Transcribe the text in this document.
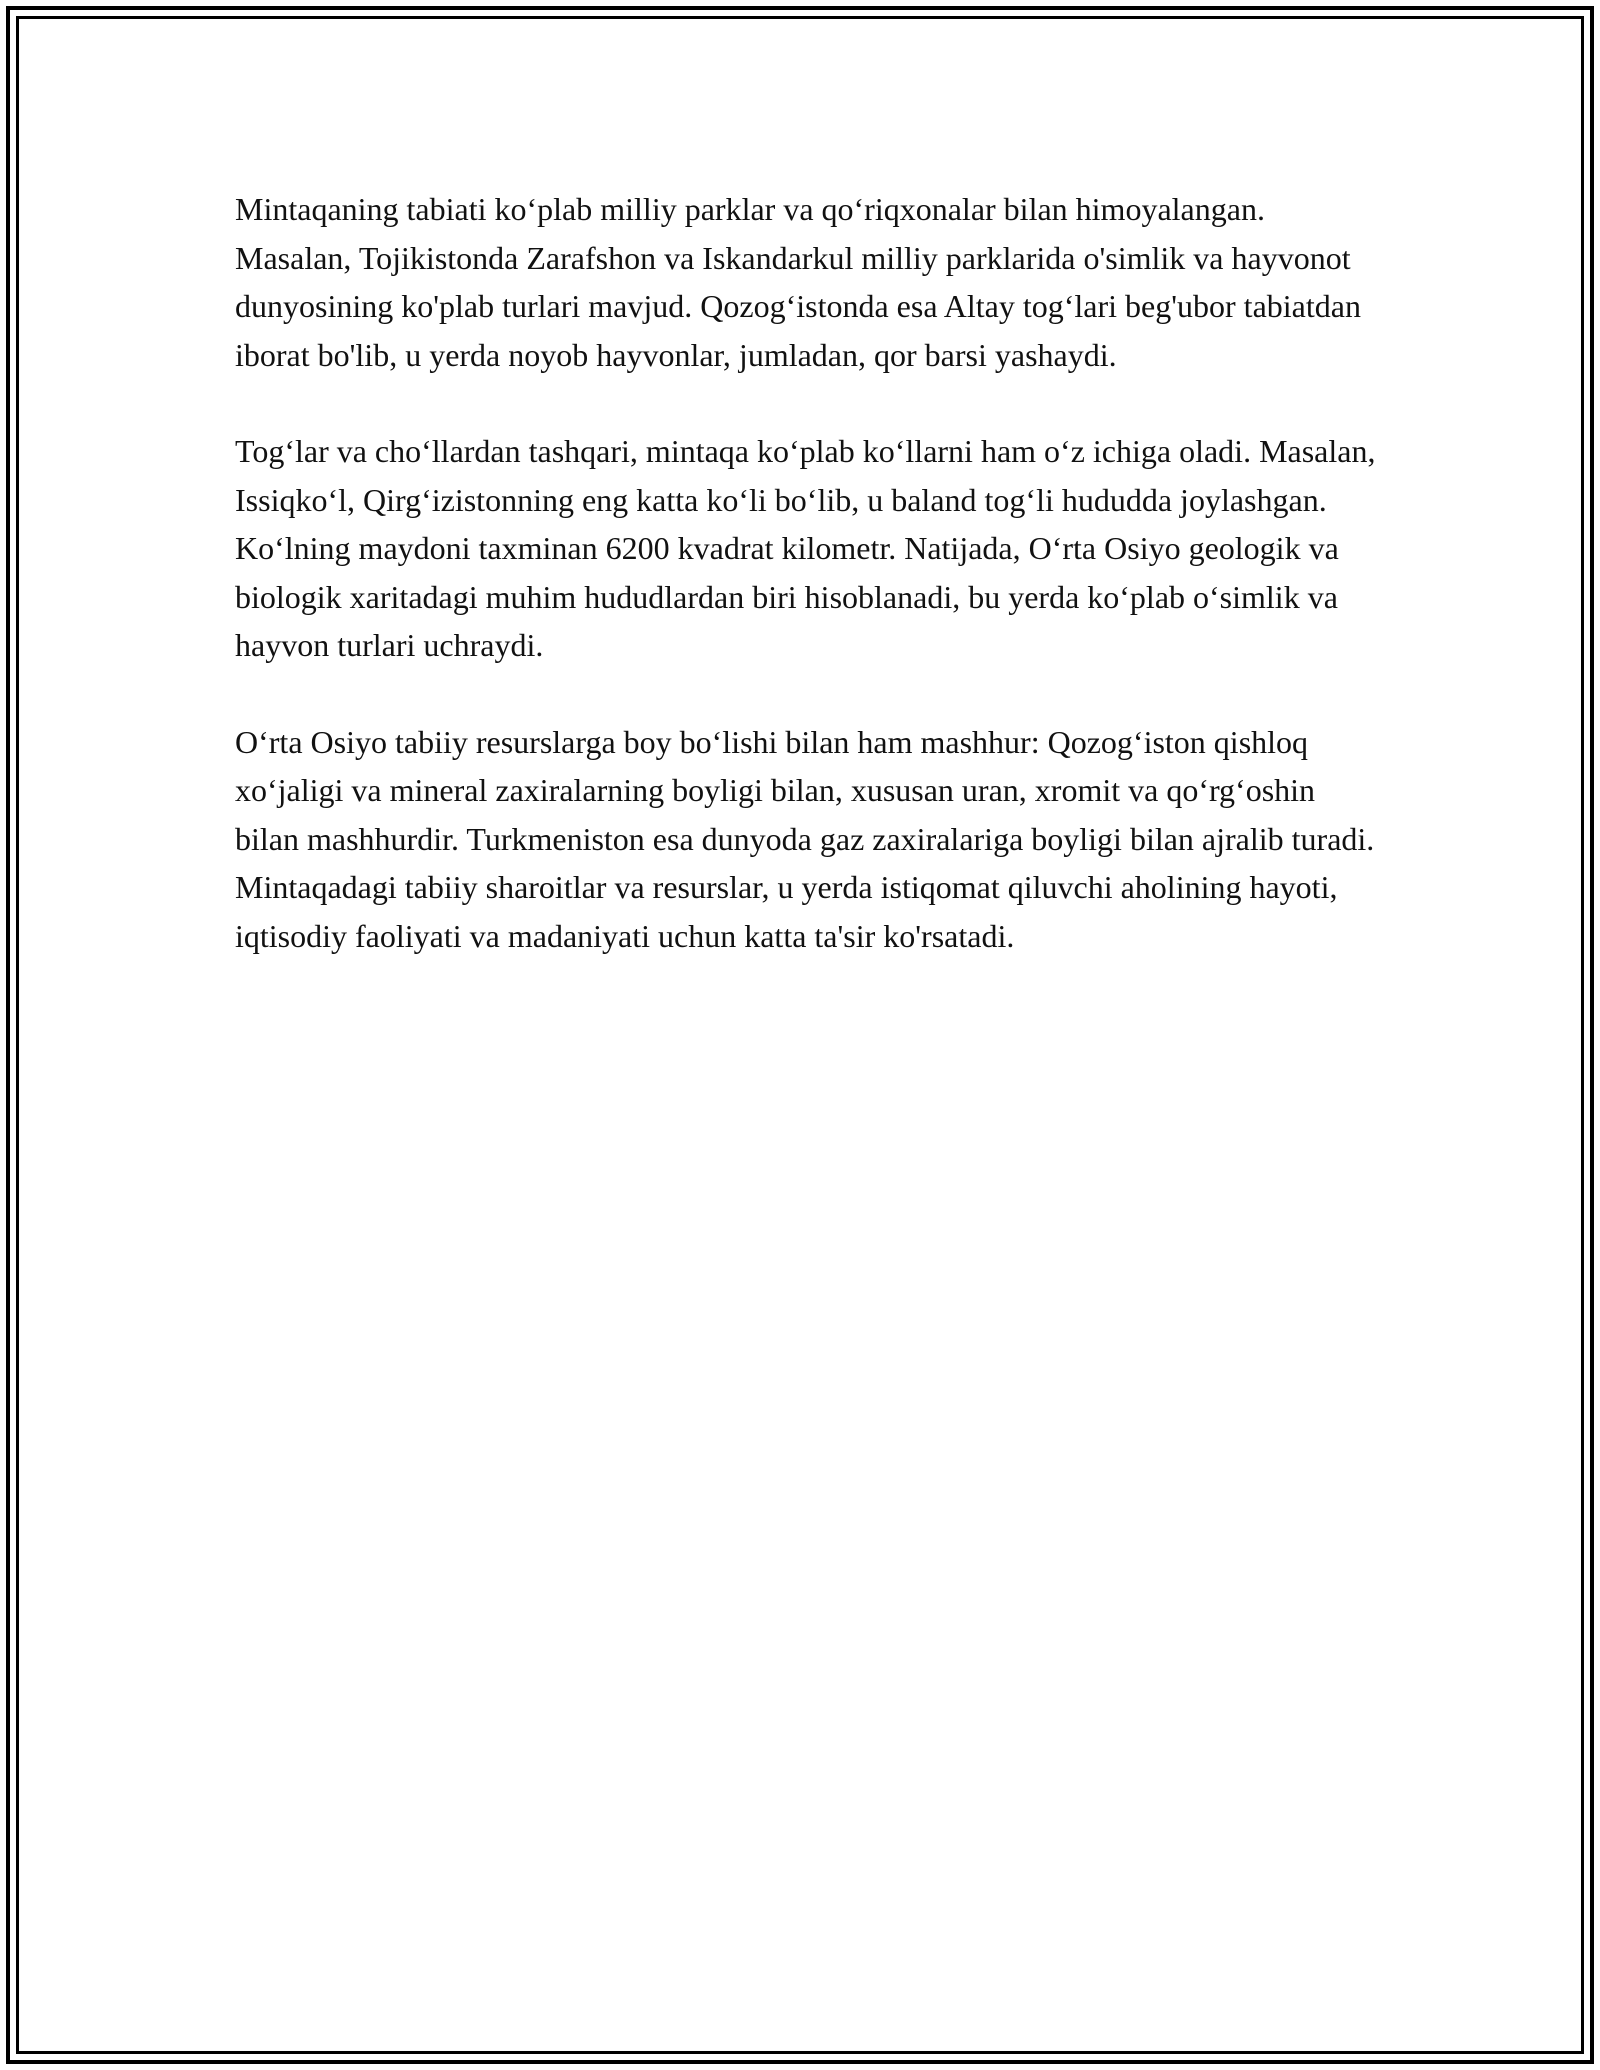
Mintaqaning tabiati ko‘plab milliy parklar va qo‘riqxonalar bilan himoyalangan. Masalan, Tojikistonda Zarafshon va Iskandarkul milliy parklarida o'simlik va hayvonot dunyosining ko'plab turlari mavjud. Qozog‘istonda esa Altay tog‘lari beg'ubor tabiatdan iborat bo'lib, u yerda noyob hayvonlar, jumladan, qor barsi yashaydi.

Tog‘lar va cho‘llardan tashqari, mintaqa ko‘plab ko‘llarni ham o‘z ichiga oladi. Masalan, Issiqko‘l, Qirg‘izistonning eng katta ko‘li bo‘lib, u baland tog‘li hududda joylashgan. Ko‘lning maydoni taxminan 6200 kvadrat kilometr. Natijada, O‘rta Osiyo geologik va biologik xaritadagi muhim hududlardan biri hisoblanadi, bu yerda ko‘plab o‘simlik va hayvon turlari uchraydi.

O‘rta Osiyo tabiiy resurslarga boy bo‘lishi bilan ham mashhur: Qozog‘iston qishloq xo‘jaligi va mineral zaxiralarning boyligi bilan, xususan uran, xromit va qo‘rg‘oshin bilan mashhurdir. Turkmeniston esa dunyoda gaz zaxiralariga boyligi bilan ajralib turadi. Mintaqadagi tabiiy sharoitlar va resurslar, u yerda istiqomat qiluvchi aholining hayoti, iqtisodiy faoliyati va madaniyati uchun katta ta'sir ko'rsatadi.
